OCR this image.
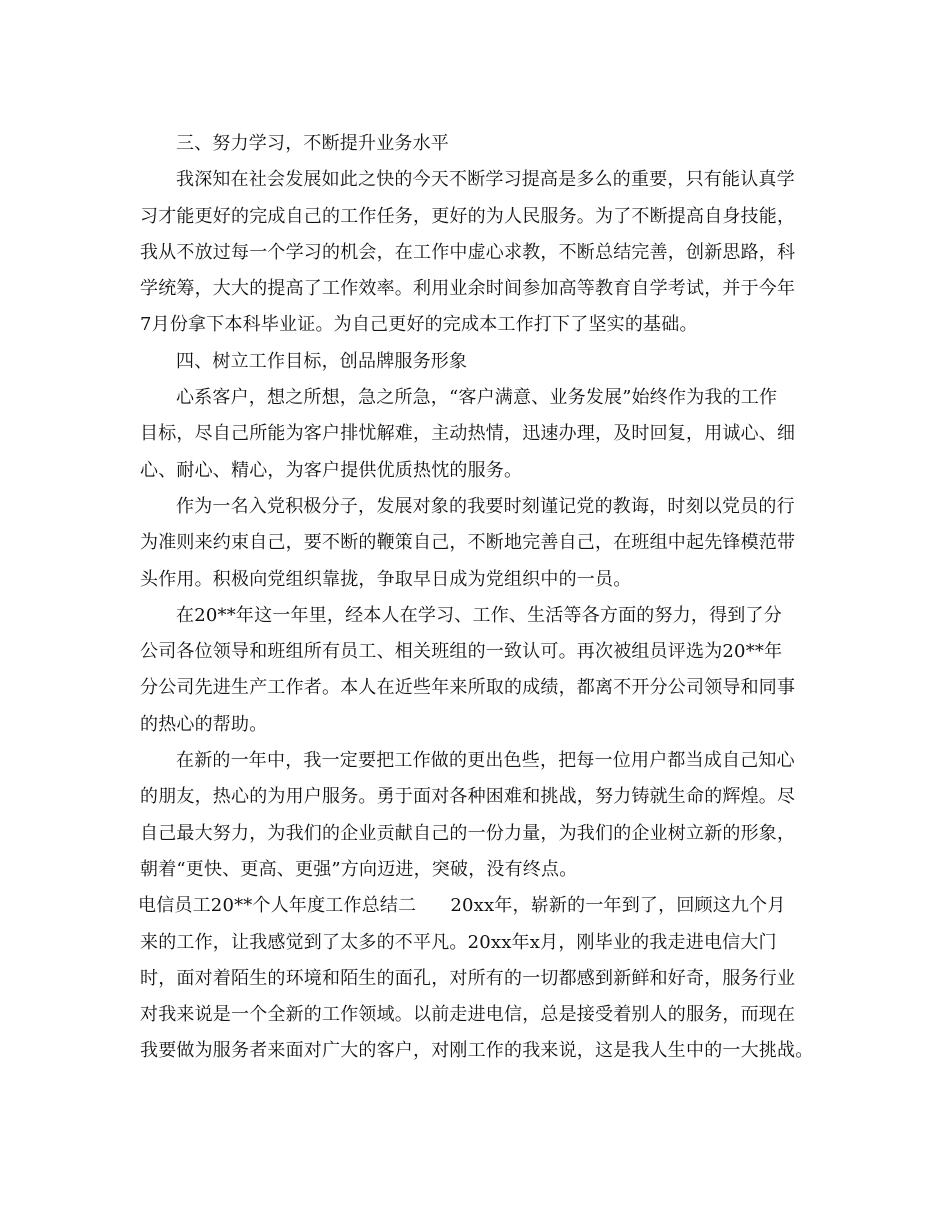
三、努力学习，不断提升业务水平
我深知在社会发展如此之快的今天不断学习提高是多么的重要，只有能认真学
习才能更好的完成自己的工作任务，更好的为人民服务。为了不断提高自身技能，
我从不放过每一个学习的机会，在工作中虚心求教，不断总结完善，创新思路，科
学统筹，大大的提高了工作效率。利用业余时间参加高等教育自学考试，并于今年
7月份拿下本科毕业证。为自己更好的完成本工作打下了坚实的基础。
四、树立工作目标，创品牌服务形象
心系客户，想之所想，急之所急，“客户满意、业务发展”始终作为我的工作
目标，尽自己所能为客户排忧解难，主动热情，迅速办理，及时回复，用诚心、细
心、耐心、精心，为客户提供优质热忱的服务。
作为一名入党积极分子，发展对象的我要时刻谨记党的教诲，时刻以党员的行
为准则来约束自己，要不断的鞭策自己，不断地完善自己，在班组中起先锋模范带
头作用。积极向党组织靠拢，争取早日成为党组织中的一员。
在20**年这一年里，经本人在学习、工作、生活等各方面的努力，得到了分
公司各位领导和班组所有员工、相关班组的一致认可。再次被组员评选为20**年
分公司先进生产工作者。本人在近些年来所取的成绩，都离不开分公司领导和同事
的热心的帮助。
在新的一年中，我一定要把工作做的更出色些，把每一位用户都当成自己知心
的朋友，热心的为用户服务。勇于面对各种困难和挑战，努力铸就生命的辉煌。尽
自己最大努力，为我们的企业贡献自己的一份力量，为我们的企业树立新的形象，
朝着“更快、更高、更强”方向迈进，突破，没有终点。
电信员工20**个人年度工作总结二 20xx年，崭新的一年到了，回顾这九个月
来的工作，让我感觉到了太多的不平凡。20xx年x月，刚毕业的我走进电信大门
时，面对着陌生的环境和陌生的面孔，对所有的一切都感到新鲜和好奇，服务行业
对我来说是一个全新的工作领域。以前走进电信，总是接受着别人的服务，而现在
我要做为服务者来面对广大的客户，对刚工作的我来说，这是我人生中的一大挑战。
